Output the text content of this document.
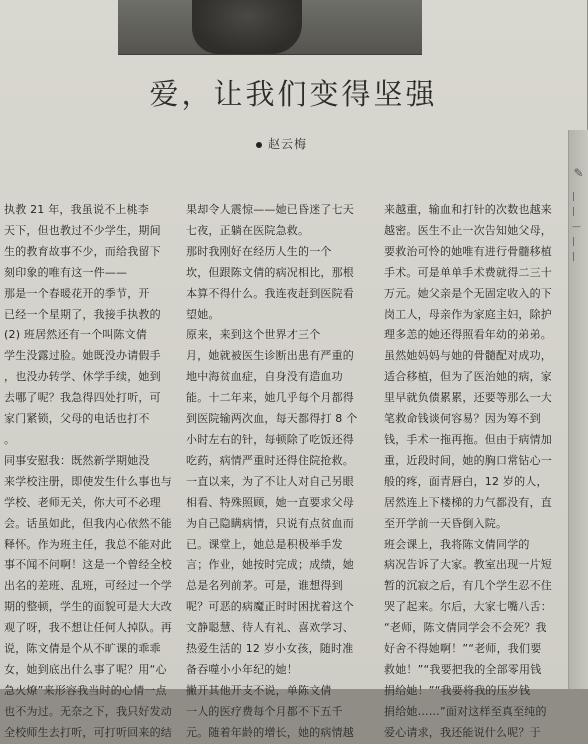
爱，让我们变得坚强
赵云梅

执教 21 年，我虽说不上桃李

天下，但也教过不少学生，期间

生的教育故事不少，而给我留下

刻印象的唯有这一件——

那是一个春暖花开的季节，开

已经一个星期了，我接手执教的

(2) 班居然还有一个叫陈文倩

学生没露过脸。她既没办请假手

，也没办转学、休学手续，她到

去哪了呢？我急得四处打听，可

家门紧锁，父母的电话也打不

。

同事安慰我：既然新学期她没

来学校注册，即使发生什么事也与

学校、老师无关，你大可不必理

会。话虽如此，但我内心依然不能

释怀。作为班主任，我总不能对此

事不闻不问啊！这是一个曾经全校

出名的差班、乱班，可经过一个学

期的整顿，学生的面貌可是大大改

观了呀，我不想让任何人掉队。再

说，陈文倩是个从不旷课的乖乖

女，她到底出什么事了呢？用“心

急火燎”来形容我当时的心情一点

也不为过。无奈之下，我只好发动

全校师生去打听，可打听回来的结

果却令人震惊——她已昏迷了七天

七夜，正躺在医院急救。

那时我刚好在经历人生的一个

坎，但跟陈文倩的病况相比，那根

本算不得什么。我连夜赶到医院看

望她。

原来，来到这个世界才三个

月，她就被医生诊断出患有严重的

地中海贫血症，自身没有造血功

能。十二年来，她几乎每个月都得

到医院输两次血，每天都得打 8 个

小时左右的针，每顿除了吃饭还得

吃药，病情严重时还得住院抢救。

一直以来，为了不让人对自己另眼

相看、特殊照顾，她一直要求父母

为自己隐瞒病情，只说有点贫血而

已。课堂上，她总是积极举手发

言；作业，她按时完成；成绩，她

总是名列前茅。可是，谁想得到

呢？可恶的病魔正时时困扰着这个

文静聪慧、待人有礼、喜欢学习、

热爱生活的 12 岁小女孩，随时准

备吞噬小小年纪的她！

撇开其他开支不说，单陈文倩

一人的医疗费每个月都不下五千

元。随着年龄的增长，她的病情越

来越重，输血和打针的次数也越来

越密。医生不止一次告知她父母，

要救治可怜的她唯有进行骨髓移植

手术。可是单单手术费就得二三十

万元。她父亲是个无固定收入的下

岗工人，母亲作为家庭主妇，除护

理多恙的她还得照看年幼的弟弟。

虽然她妈妈与她的骨髓配对成功，

适合移植，但为了医治她的病，家

里早就负债累累，还要等那么一大

笔救命钱谈何容易？因为筹不到

钱，手术一拖再拖。但由于病情加

重，近段时间，她的胸口常钻心一

般的疼，面青唇白，12 岁的人，

居然连上下楼梯的力气都没有，直

至开学前一天昏倒入院。

班会课上，我将陈文倩同学的

病况告诉了大家。教室出现一片短

暂的沉寂之后，有几个学生忍不住

哭了起来。尔后，大家七嘴八舌：

“老师，陈文倩同学会不会死？我

好舍不得她啊！”“老师，我们要

救她！”“我要把我的全部零用钱

捐给她！”“我要将我的压岁钱

捐给她……”面对这样至真至纯的

爱心请求，我还能说什么呢？于

✎
|
|
—
|
|
